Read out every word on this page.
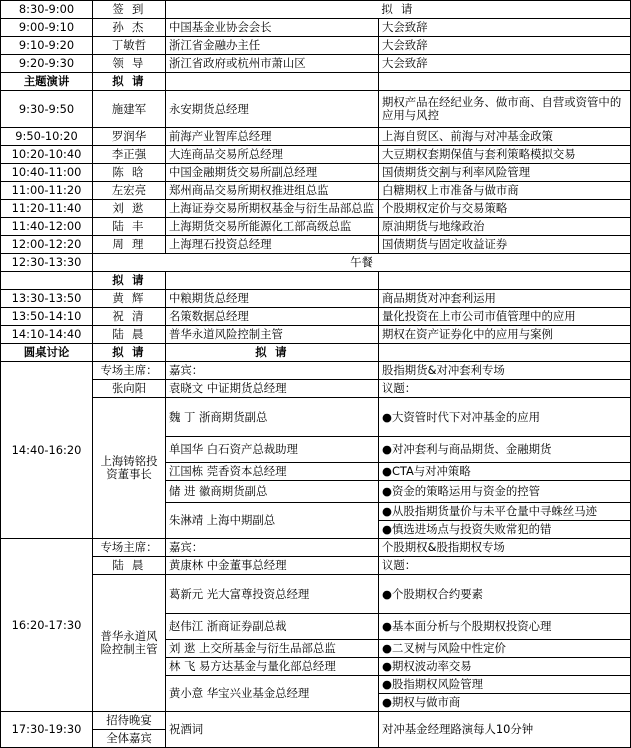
8:30-9:00	签 到	拟 请	
9:00-9:10	孙 杰	中国基金业协会会长	大会致辞
9:10-9:20	丁敏哲	浙江省金融办主任	大会致辞
9:20-9:30	领 导	浙江省政府或杭州市萧山区	大会致辞
主题演讲	拟 请		
9:30-9:50	施建军	永安期货总经理	期权产品在经纪业务、做市商、自营或资管中的应用与风控
9:50-10:20	罗润华	前海产业智库总经理	上海自贸区、前海与对冲基金政策
10:20-10:40	李正强	大连商品交易所总经理	大豆期权套期保值与套利策略模拟交易
10:40-11:00	陈 晗	中国金融期货交易所副总经理	国债期货交割与利率风险管理
11:00-11:20	左宏亮	郑州商品交易所期权推进组总监	白糖期权上市准备与做市商
11:20-11:40	刘 逖	上海证券交易所期权基金与衍生品部总监	个股期权定价与交易策略
11:40-12:00	陆 丰	上海期货交易所能源化工部高级总监	原油期货与地缘政治
12:00-12:20	周 理	上海理石投资总经理	国债期货与固定收益证券
12:30-13:30	午餐		
	拟 请		
13:30-13:50	黄 辉	中粮期货总经理	商品期货对冲套利运用
13:50-14:10	祝 清	名策数据总经理	量化投资在上市公司市值管理中的应用
14:10-14:40	陆 晨	普华永道风险控制主管	期权在资产证券化中的应用与案例
圆桌讨论	拟 请	拟 请	
14:40-16:20	专场主席：	嘉宾：	股指期货&对冲套利专场
	张向阳	袁晓文 中证期货总经理	议题：
	上海铸铭投资董事长	魏 丁 浙商期货副总	●大资管时代下对冲基金的应用
		单国华 白石资产总裁助理	●对冲套利与商品期货、金融期货
		江国栋 莞香资本总经理	●CTA与对冲策略
		储 进 徽商期货副总	●资金的策略运用与资金的控管
		朱淋靖 上海中期副总	●从股指期货量价与未平仓量中寻蛛丝马迹
			●慎选进场点与投资失败常犯的错
16:20-17:30	专场主席：	嘉宾：	个股期权&股指期权专场
	陆 晨	黄康林 中金董事总经理	议题：
	普华永道风险控制主管	葛新元 光大富尊投资总经理	●个股期权合约要素
		赵伟江 浙商证券副总裁	●基本面分析与个股期权投资心理
		刘 逖 上交所基金与衍生品部总监	●二叉树与风险中性定价
		林 飞 易方达基金与量化部总经理	●期权波动率交易
		黄小意 华宝兴业基金总经理	●股指期权风险管理
			●期权与做市商
17:30-19:30	招待晚宴	祝酒词	对冲基金经理路演每人10分钟
	全体嘉宾		
